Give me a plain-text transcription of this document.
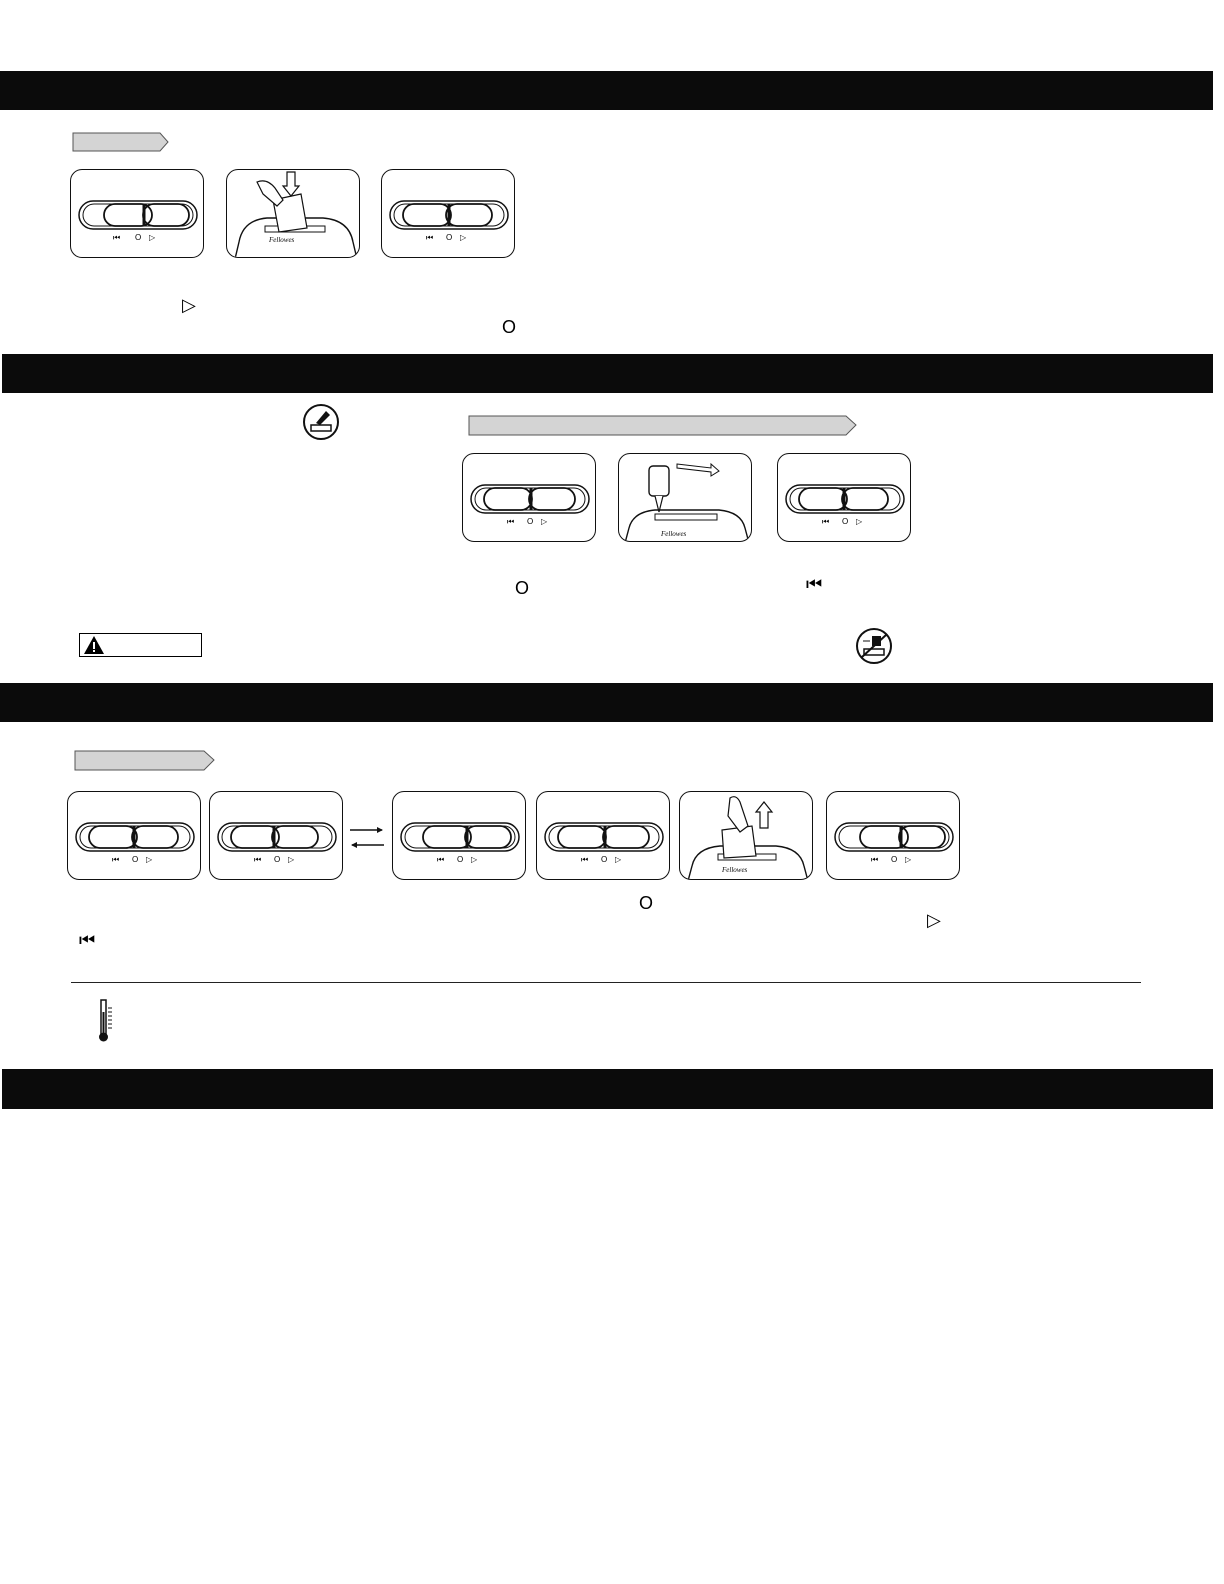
⏮ O ▷	Fellowes	⏮ O ▷
▷
O
⏮ O ▷
Fellowes
⏮ O ▷
O	⏮
⏮ O ▷	⏮ O ▷	⏮ O ▷	⏮ O ▷
Fellowes
⏮ O ▷
O
▷
⏮
